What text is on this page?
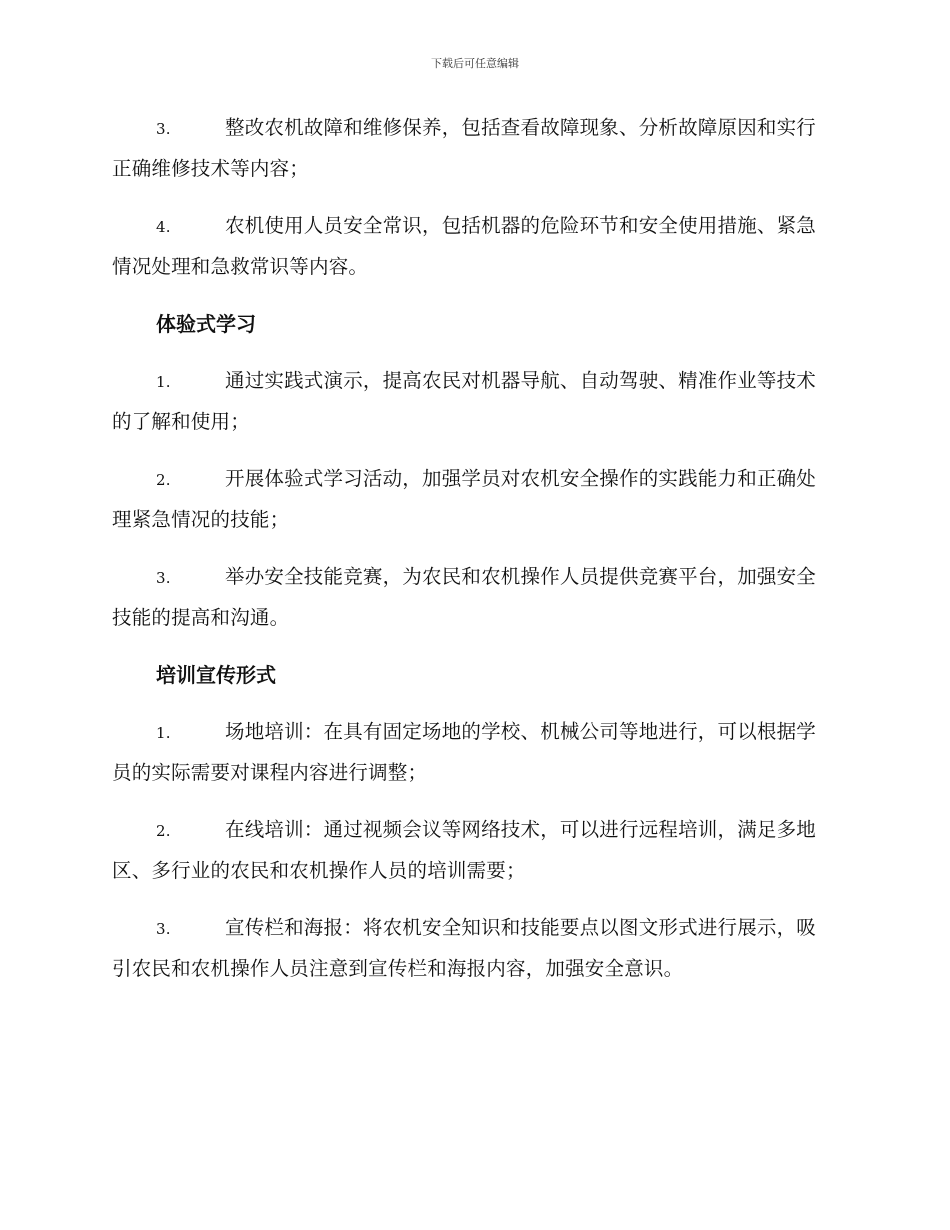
下载后可任意编辑

3.	整改农机故障和维修保养，包括查看故障现象、分析故障原因和实行正确维修技术等内容；

4.	农机使用人员安全常识，包括机器的危险环节和安全使用措施、紧急情况处理和急救常识等内容。

体验式学习

1.	通过实践式演示，提高农民对机器导航、自动驾驶、精准作业等技术的了解和使用；

2.	开展体验式学习活动，加强学员对农机安全操作的实践能力和正确处理紧急情况的技能；

3.	举办安全技能竞赛，为农民和农机操作人员提供竞赛平台，加强安全技能的提高和沟通。

培训宣传形式

1.	场地培训：在具有固定场地的学校、机械公司等地进行，可以根据学员的实际需要对课程内容进行调整；

2.	在线培训：通过视频会议等网络技术，可以进行远程培训，满足多地区、多行业的农民和农机操作人员的培训需要；

3.	宣传栏和海报：将农机安全知识和技能要点以图文形式进行展示，吸引农民和农机操作人员注意到宣传栏和海报内容，加强安全意识。
